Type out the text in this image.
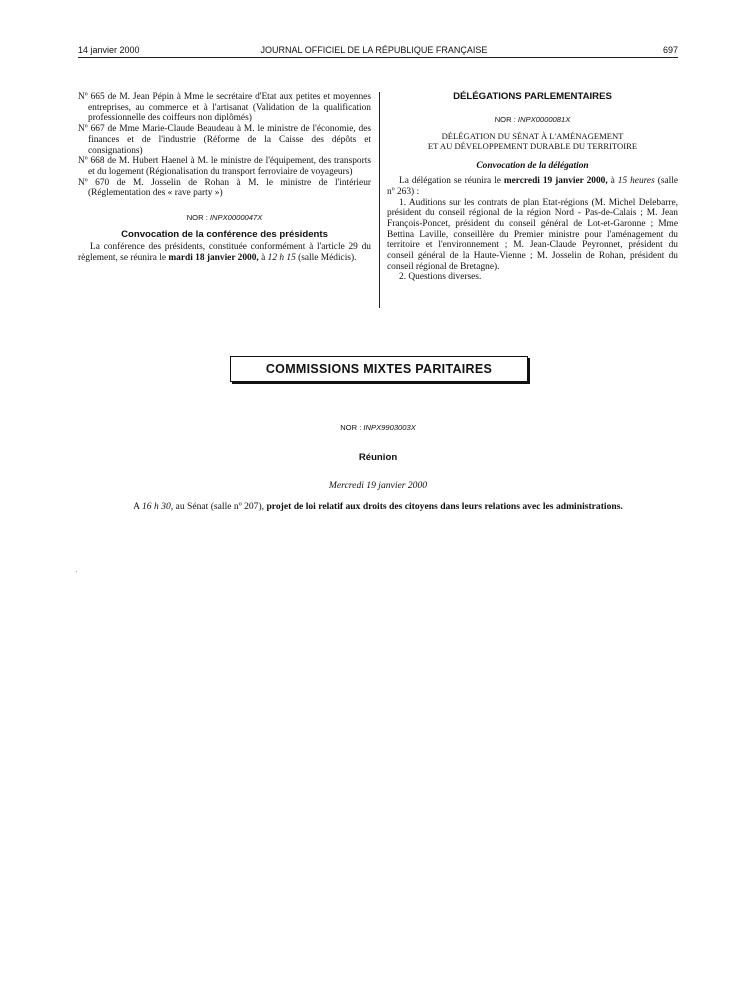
14 janvier 2000	JOURNAL OFFICIEL DE LA RÉPUBLIQUE FRANÇAISE	697

Nº 665 de M. Jean Pépin à Mme le secrétaire d'Etat aux petites et moyennes entreprises, au commerce et à l'artisanat (Validation de la qualification professionnelle des coiffeurs non diplômés)

Nº 667 de Mme Marie-Claude Beaudeau à M. le ministre de l'économie, des finances et de l'industrie (Réforme de la Caisse des dépôts et consignations)

Nº 668 de M. Hubert Haenel à M. le ministre de l'équipement, des transports et du logement (Régionalisation du transport ferroviaire de voyageurs)

Nº 670 de M. Josselin de Rohan à M. le ministre de l'intérieur (Réglementation des « rave party »)

NOR : INPX0000047X
Convocation de la conférence des présidents

La conférence des présidents, constituée conformément à l'article 29 du règlement, se réunira le mardi 18 janvier 2000, à 12 h 15 (salle Médicis).

DÉLÉGATIONS PARLEMENTAIRES
NOR : INPX0000081X
DÉLÉGATION DU SÉNAT À L'AMÉNAGEMENT
ET AU DÉVELOPPEMENT DURABLE DU TERRITOIRE
Convocation de la délégation

La délégation se réunira le mercredi 19 janvier 2000, à 15 heures (salle nº 263) :

1. Auditions sur les contrats de plan Etat-régions (M. Michel Delebarre, président du conseil régional de la région Nord - Pas-de-Calais ; M. Jean François-Poncet, président du conseil général de Lot-et-Garonne ; Mme Bettina Laville, conseillère du Premier ministre pour l'aménagement du territoire et l'environnement ; M. Jean-Claude Peyronnet, président du conseil général de la Haute-Vienne ; M. Josselin de Rohan, président du conseil régional de Bretagne).

2. Questions diverses.

COMMISSIONS MIXTES PARITAIRES
NOR : INPX9903003X
Réunion
Mercredi 19 janvier 2000
A 16 h 30, au Sénat (salle nº 207), projet de loi relatif aux droits des citoyens dans leurs relations avec les administrations.
